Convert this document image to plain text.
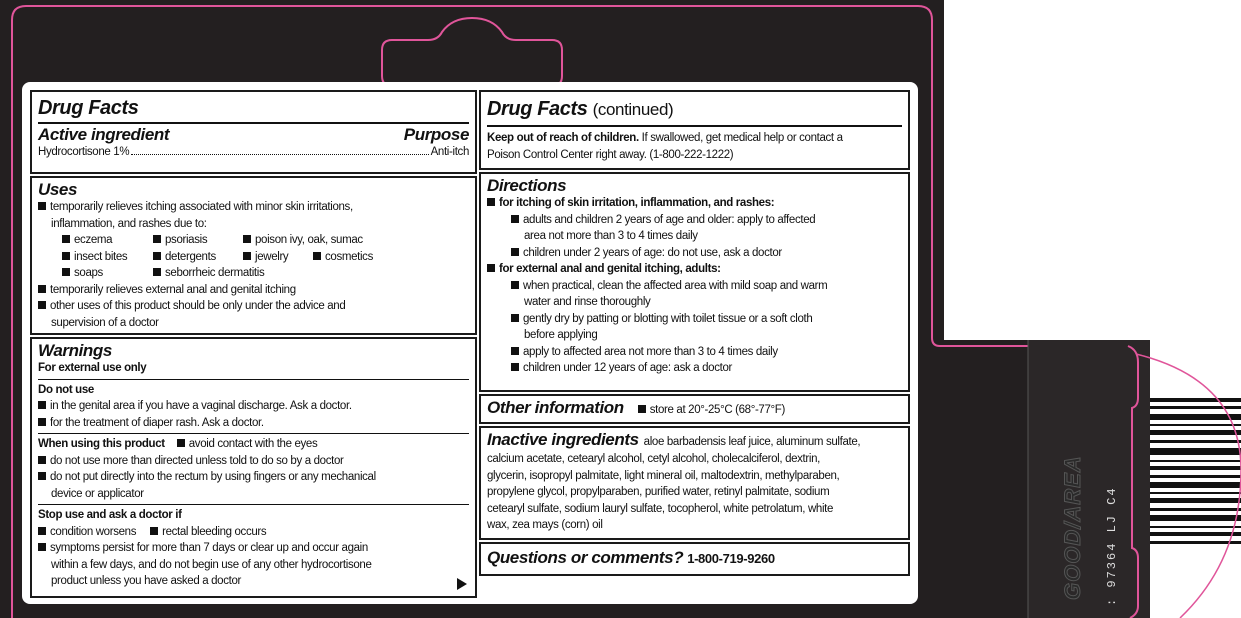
Drug Facts
Active ingredient	Purpose
Hydrocortisone 1%	Anti-itch
Uses
temporarily relieves itching associated with minor skin irritations,
inflammation, and rashes due to:
eczema	psoriasis	poison ivy, oak, sumac
insect bites	detergents	jewelry	cosmetics
soaps	seborrheic dermatitis
temporarily relieves external anal and genital itching
other uses of this product should be only under the advice and
supervision of a doctor
Warnings
For external use only
Do not use
in the genital area if you have a vaginal discharge. Ask a doctor.
for the treatment of diaper rash. Ask a doctor.
When using this product avoid contact with the eyes
do not use more than directed unless told to do so by a doctor
do not put directly into the rectum by using fingers or any mechanical
device or applicator
Stop use and ask a doctor if
condition worsens rectal bleeding occurs
symptoms persist for more than 7 days or clear up and occur again
within a few days, and do not begin use of any other hydrocortisone
product unless you have asked a doctor
Drug Facts (continued)
Keep out of reach of children. If swallowed, get medical help or contact a
Poison Control Center right away. (1-800-222-1222)
Directions
for itching of skin irritation, inflammation, and rashes:
adults and children 2 years of age and older: apply to affected
area not more than 3 to 4 times daily
children under 2 years of age: do not use, ask a doctor
for external anal and genital itching, adults:
when practical, clean the affected area with mild soap and warm
water and rinse thoroughly
gently dry by patting or blotting with toilet tissue or a soft cloth
before applying
apply to affected area not more than 3 to 4 times daily
children under 12 years of age: ask a doctor
Other information	store at 20°-25°C (68°-77°F)
Inactive ingredients aloe barbadensis leaf juice, aluminum sulfate,
calcium acetate, cetearyl alcohol, cetyl alcohol, cholecalciferol, dextrin,
glycerin, isopropyl palmitate, light mineral oil, maltodextrin, methylparaben,
propylene glycol, propylparaben, purified water, retinyl palmitate, sodium
cetearyl sulfate, sodium lauryl sulfate, tocopherol, white petrolatum, white
wax, zea mays (corn) oil
Questions or comments? 1-800-719-9260	GOOD/AREA : 97364 LJ C4
